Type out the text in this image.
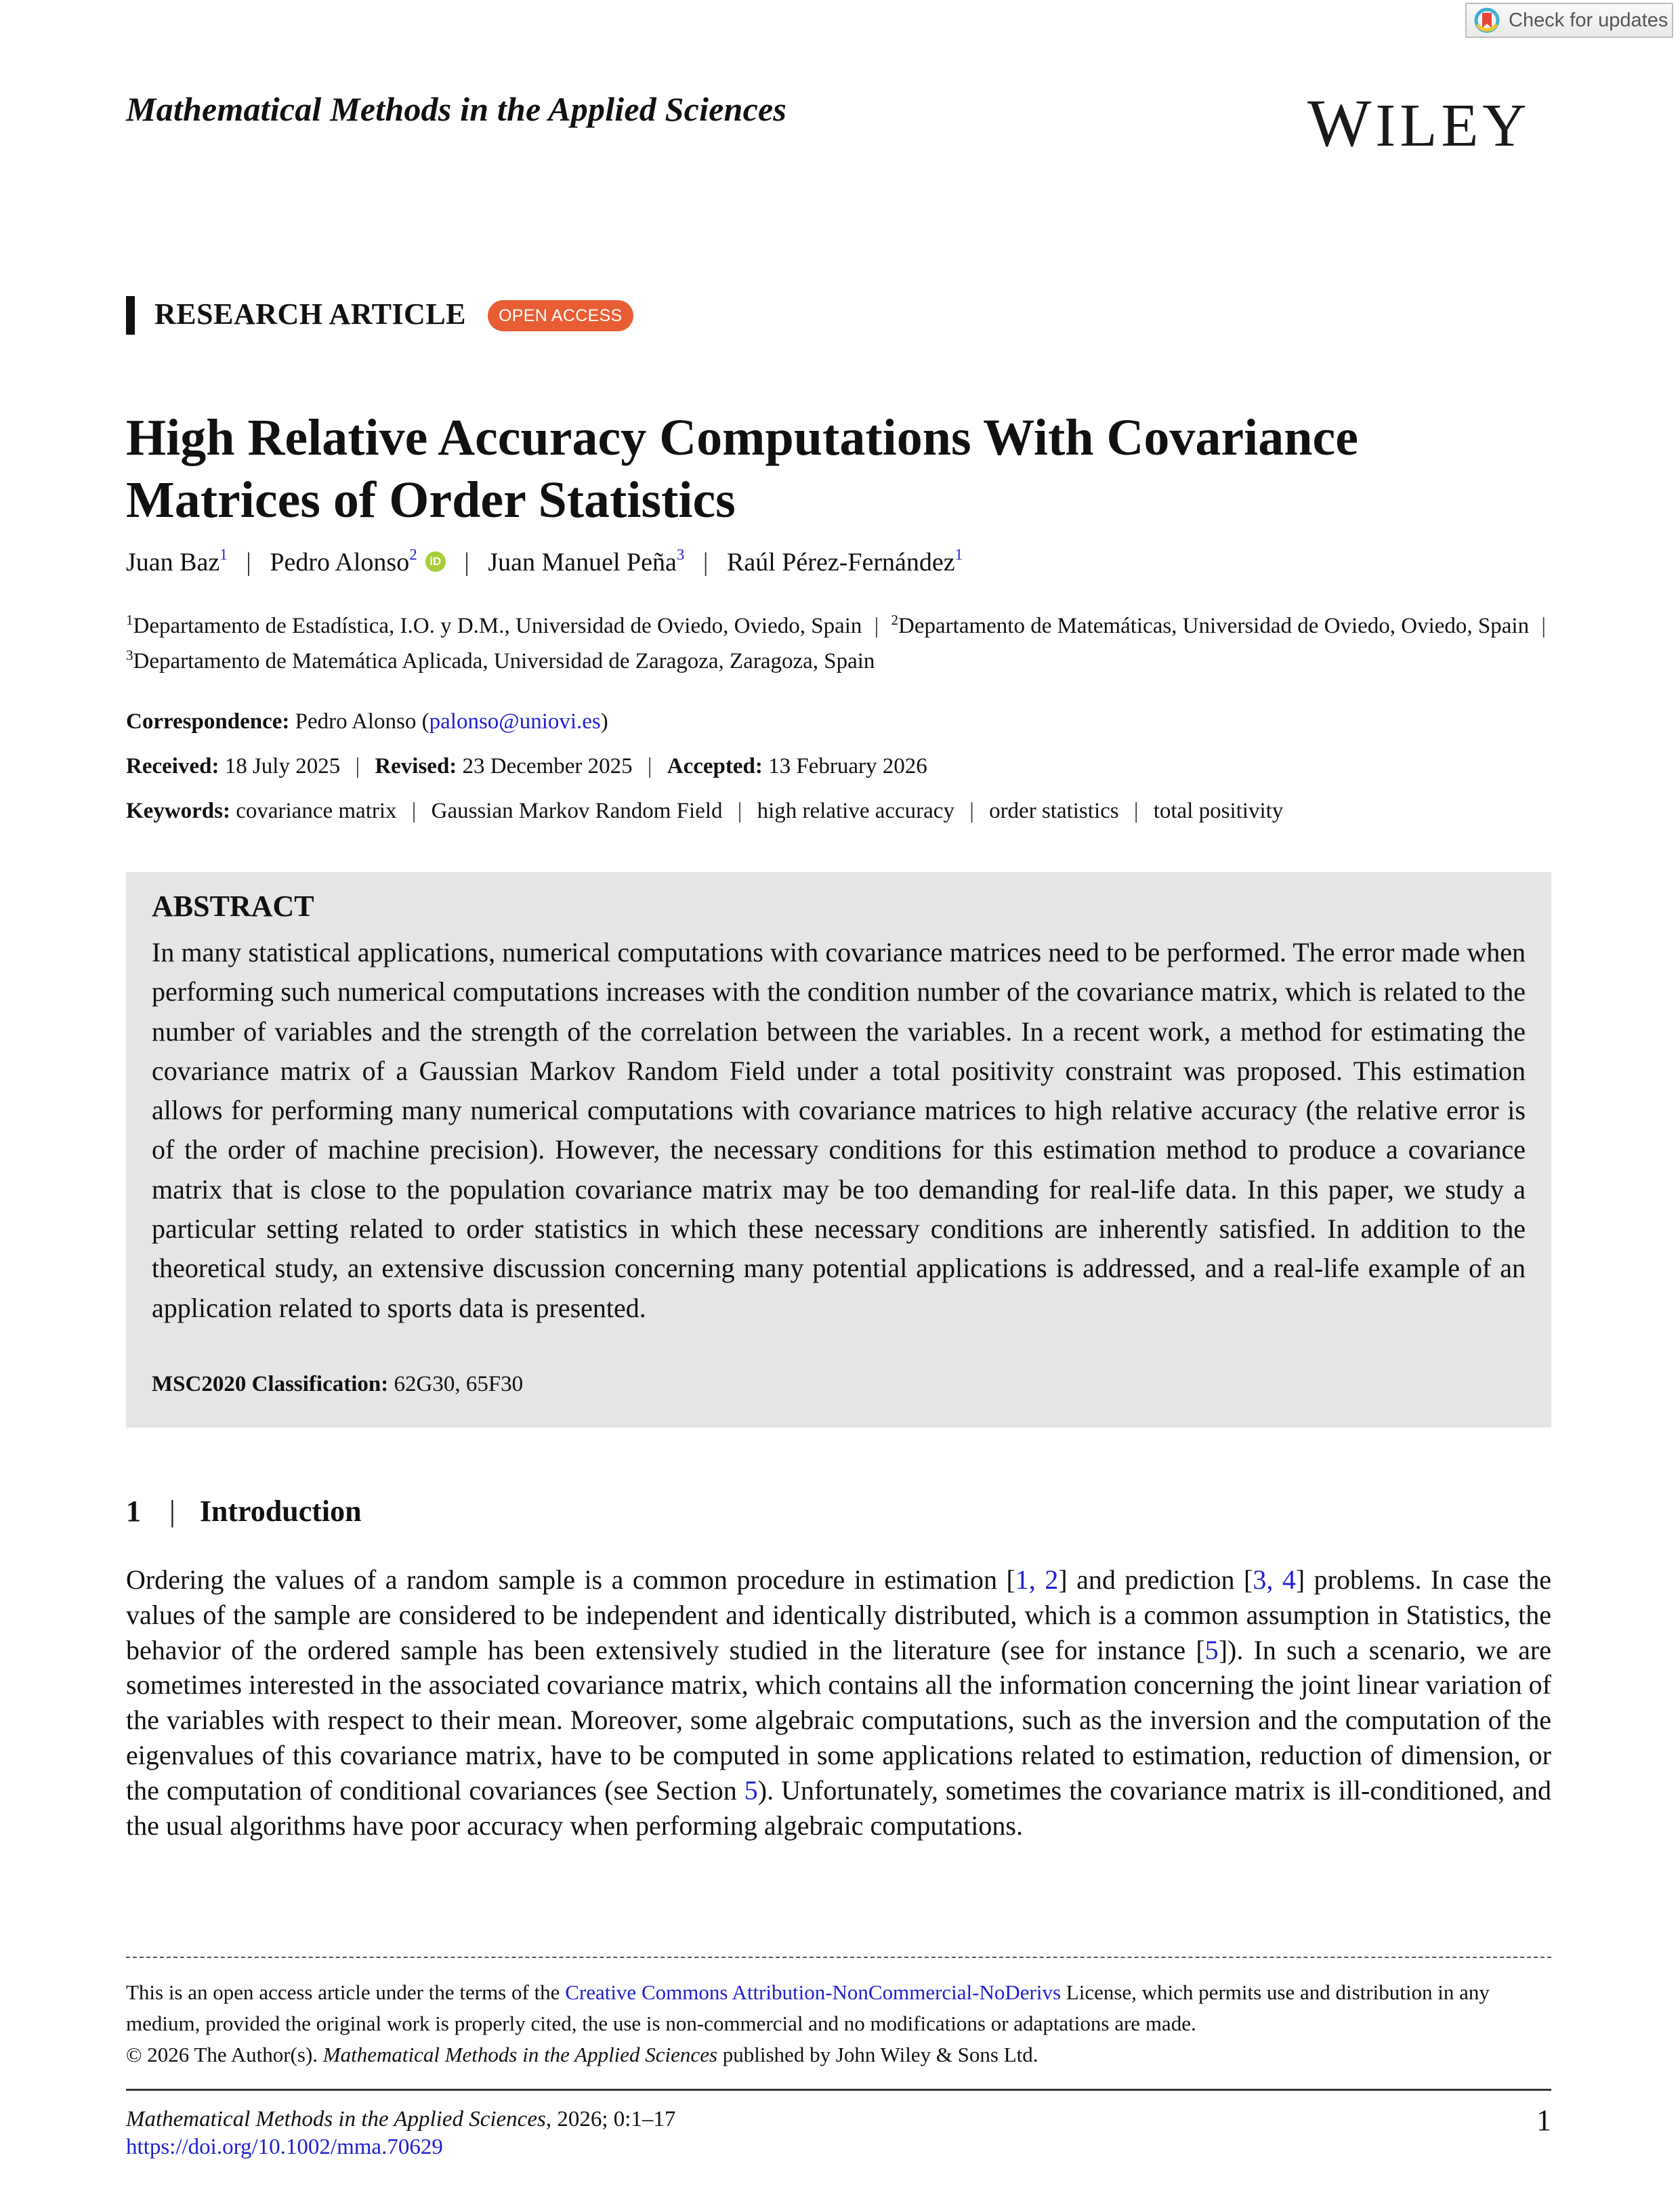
Check for updates
Mathematical Methods in the Applied Sciences	WILEY
RESEARCH ARTICLE	OPEN ACCESS
High Relative Accuracy Computations With Covariance Matrices of Order Statistics
Juan Baz$^1$ | Pedro Alonso$^2$ iD | Juan Manuel Peña$^3$ | Raúl Pérez-Fernández$^1$
$^1$Departamento de Estadística, I.O. y D.M., Universidad de Oviedo, Oviedo, Spain | $^2$Departamento de Matemáticas, Universidad de Oviedo, Oviedo, Spain | $^3$Departamento de Matemática Aplicada, Universidad de Zaragoza, Zaragoza, Spain
Correspondence: Pedro Alonso (palonso@uniovi.es)
Received: 18 July 2025 | Revised: 23 December 2025 | Accepted: 13 February 2026
Keywords: covariance matrix | Gaussian Markov Random Field | high relative accuracy | order statistics | total positivity
ABSTRACT
In many statistical applications, numerical computations with covariance matrices need to be performed. The error made when performing such numerical computations increases with the condition number of the covariance matrix, which is related to the number of variables and the strength of the correlation between the variables. In a recent work, a method for estimating the covariance matrix of a Gaussian Markov Random Field under a total positivity constraint was proposed. This estimation allows for performing many numerical computations with covariance matrices to high relative accuracy (the relative error is of the order of machine precision). However, the necessary conditions for this estimation method to produce a covariance matrix that is close to the population covariance matrix may be too demanding for real-life data. In this paper, we study a particular setting related to order statistics in which these necessary conditions are inherently satisfied. In addition to the theoretical study, an extensive discussion concerning many potential applications is addressed, and a real-life example of an application related to sports data is presented.
MSC2020 Classification: 62G30, 65F30
1 | Introduction
Ordering the values of a random sample is a common procedure in estimation [1, 2] and prediction [3, 4] problems. In case the values of the sample are considered to be independent and identically distributed, which is a common assumption in Statistics, the behavior of the ordered sample has been extensively studied in the literature (see for instance [5]). In such a scenario, we are sometimes interested in the associated covariance matrix, which contains all the information concerning the joint linear variation of the variables with respect to their mean. Moreover, some algebraic computations, such as the inversion and the computation of the eigenvalues of this covariance matrix, have to be computed in some applications related to estimation, reduction of dimension, or the computation of conditional covariances (see Section 5). Unfortunately, sometimes the covariance matrix is ill-conditioned, and the usual algorithms have poor accuracy when performing algebraic computations.
This is an open access article under the terms of the Creative Commons Attribution-NonCommercial-NoDerivs License, which permits use and distribution in any medium, provided the original work is properly cited, the use is non-commercial and no modifications or adaptations are made.
© 2026 The Author(s). Mathematical Methods in the Applied Sciences published by John Wiley & Sons Ltd.
Mathematical Methods in the Applied Sciences, 2026; 0:1–17
https://doi.org/10.1002/mma.70629
1
